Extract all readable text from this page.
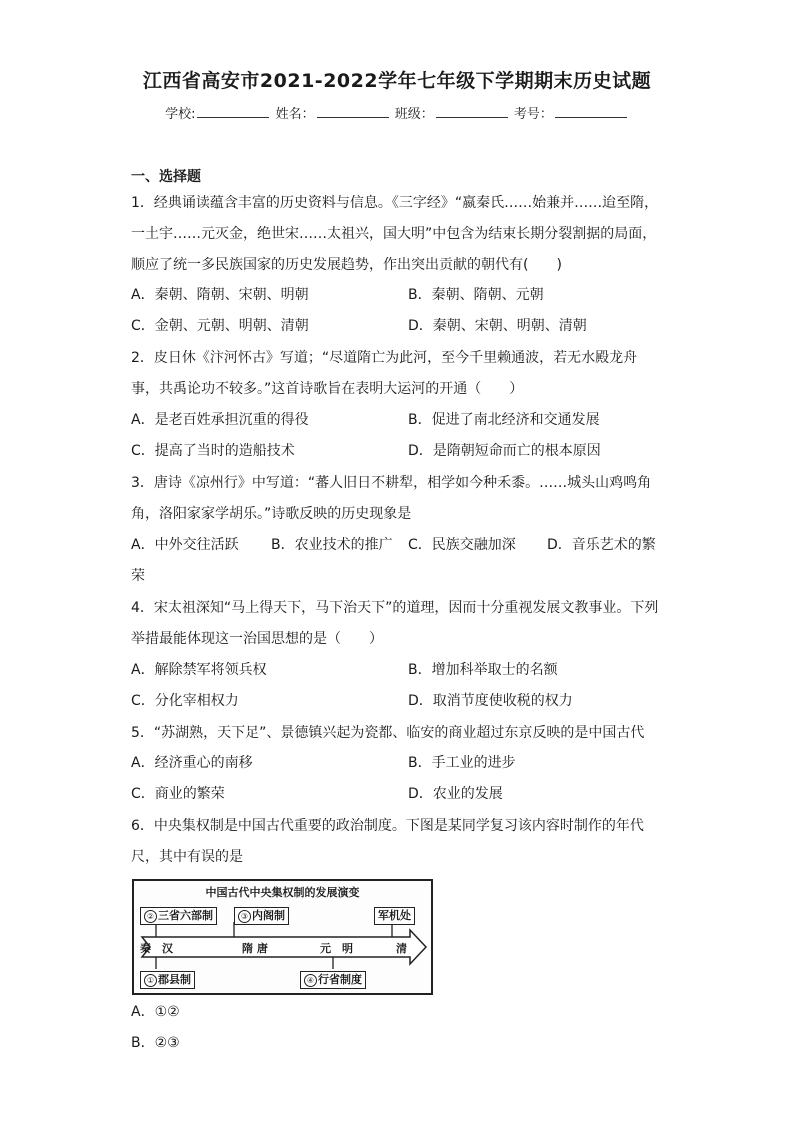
江西省高安市2021-2022学年七年级下学期期末历史试题
学校:	姓名：	班级：	考号：
一、选择题
1．经典诵读蕴含丰富的历史资料与信息。《三字经》“嬴秦氏……始兼并……迨至隋，
一土宇……元灭金，绝世宋……太祖兴，国大明”中包含为结束长期分裂割据的局面，
顺应了统一多民族国家的历史发展趋势，作出突出贡献的朝代有(　　)
A．秦朝、隋朝、宋朝、明朝	B．秦朝、隋朝、元朝
C．金朝、元朝、明朝、清朝	D．秦朝、宋朝、明朝、清朝
2．皮日休《汴河怀古》写道；“尽道隋亡为此河，至今千里赖通波，若无水殿龙舟
事，共禹论功不较多。”这首诗歌旨在表明大运河的开通（　　）
A．是老百姓承担沉重的得役	B．促进了南北经济和交通发展
C．提高了当时的造船技术	D．是隋朝短命而亡的根本原因
3．唐诗《凉州行》中写道：“蕃人旧日不耕犁，相学如今种禾黍。……城头山鸡鸣角
角，洛阳家家学胡乐。”诗歌反映的历史现象是
A．中外交往活跃 B．农业技术的推广 C．民族交融加深 D．音乐艺术的繁
荣
4．宋太祖深知“马上得天下，马下治天下”的道理，因而十分重视发展文教事业。下列
举措最能体现这一治国思想的是（　　）
A．解除禁军将领兵权	B．增加科举取士的名额
C．分化宰相权力	D．取消节度使收税的权力
5．“苏湖熟，天下足”、景德镇兴起为瓷都、临安的商业超过东京反映的是中国古代
A．经济重心的南移	B．手工业的进步
C．商业的繁荣	D．农业的发展
6．中央集权制是中国古代重要的政治制度。下图是某同学复习该内容时制作的年代
尺，其中有误的是
中国古代中央集权制的发展演变
② 三省六部制	③ 内阁制	军机处
秦　汉	隋 唐	元　明	清
① 郡县制	④ 行省制度
A．①②
B．②③
